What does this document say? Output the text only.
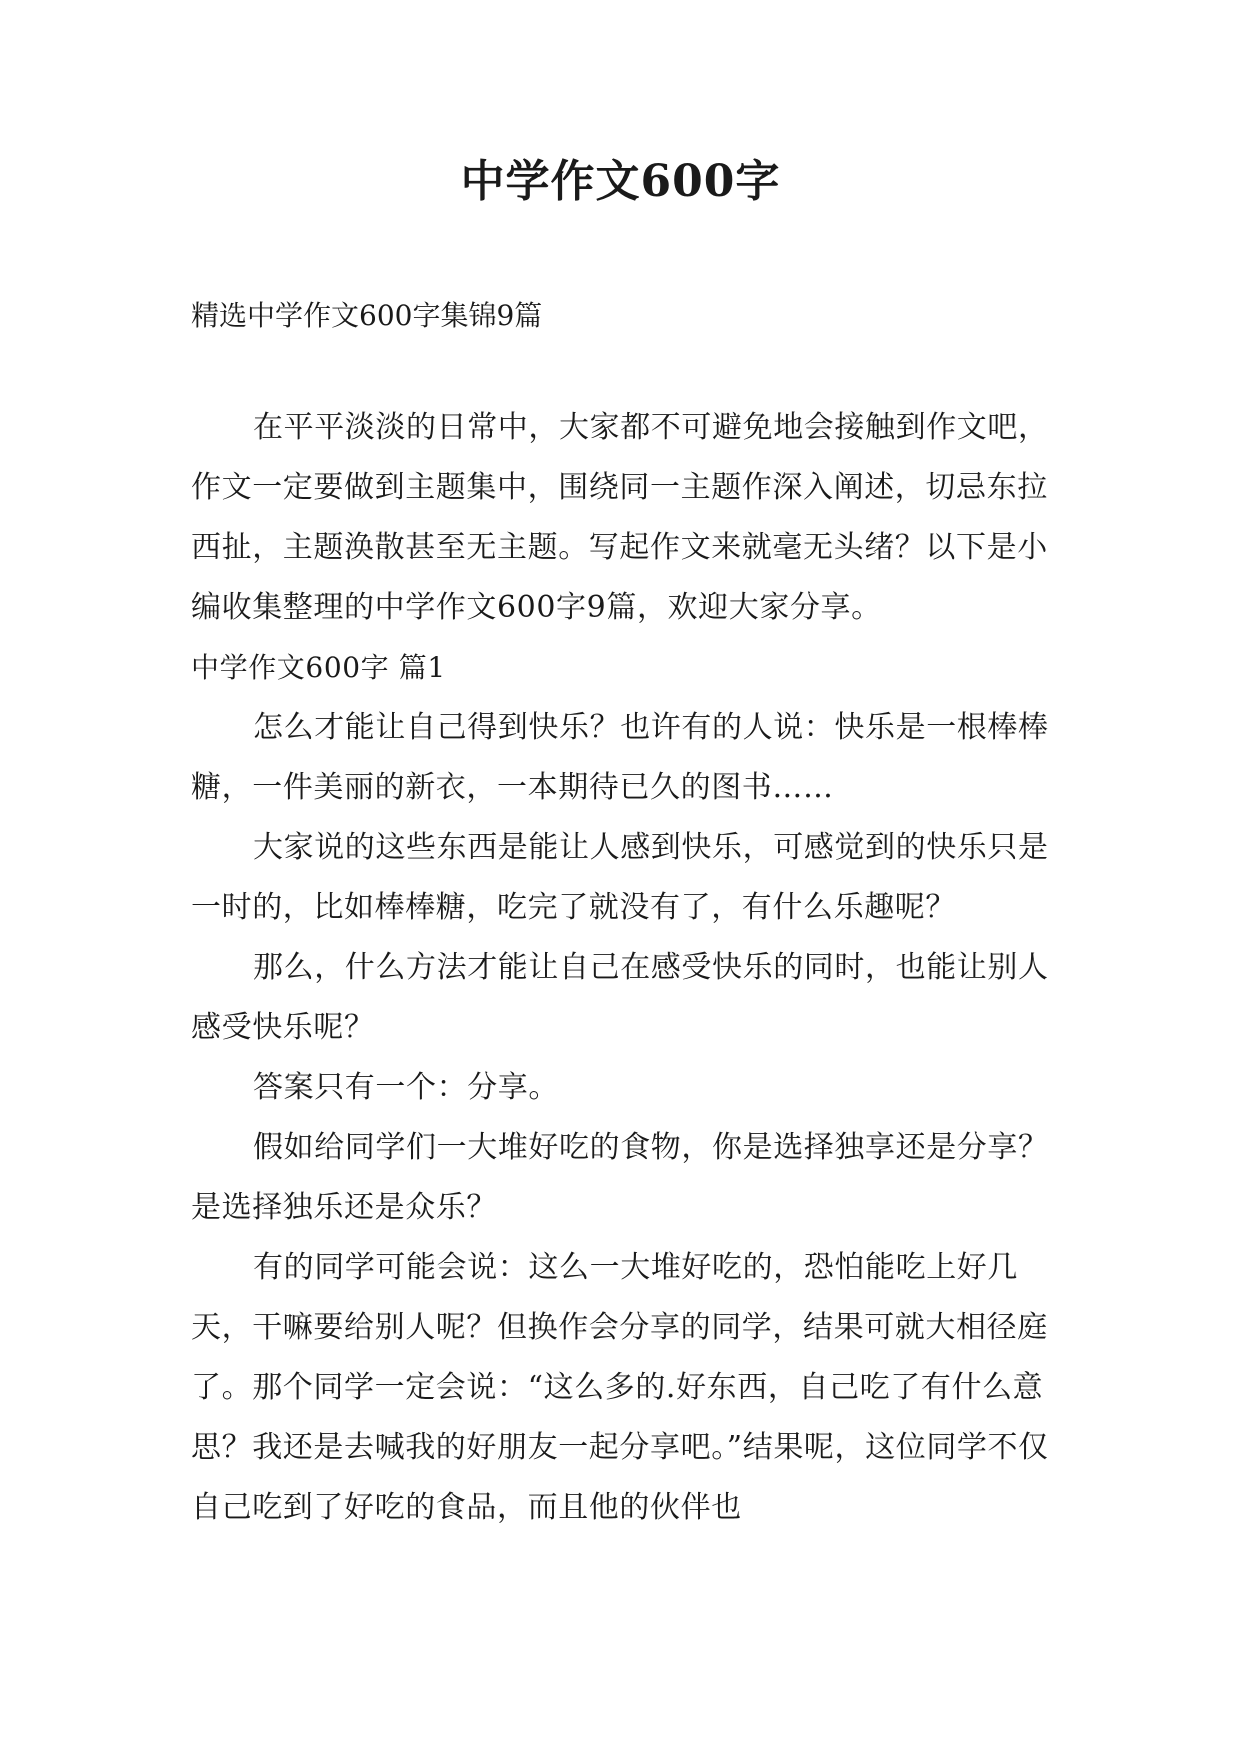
中学作文600字
精选中学作文600字集锦9篇

在平平淡淡的日常中，大家都不可避免地会接触到作文吧，作文一定要做到主题集中，围绕同一主题作深入阐述，切忌东拉西扯，主题涣散甚至无主题。写起作文来就毫无头绪？以下是小编收集整理的中学作文600字9篇，欢迎大家分享。

中学作文600字 篇1

怎么才能让自己得到快乐？也许有的人说：快乐是一根棒棒糖，一件美丽的新衣，一本期待已久的图书……

大家说的这些东西是能让人感到快乐，可感觉到的快乐只是一时的，比如棒棒糖，吃完了就没有了，有什么乐趣呢？

那么，什么方法才能让自己在感受快乐的同时，也能让别人感受快乐呢？

答案只有一个：分享。

假如给同学们一大堆好吃的食物，你是选择独享还是分享？是选择独乐还是众乐？

有的同学可能会说：这么一大堆好吃的，恐怕能吃上好几天，干嘛要给别人呢？但换作会分享的同学，结果可就大相径庭了。那个同学一定会说：“这么多的.好东西，自己吃了有什么意思？我还是去喊我的好朋友一起分享吧。”结果呢，这位同学不仅自己吃到了好吃的食品，而且他的伙伴也
